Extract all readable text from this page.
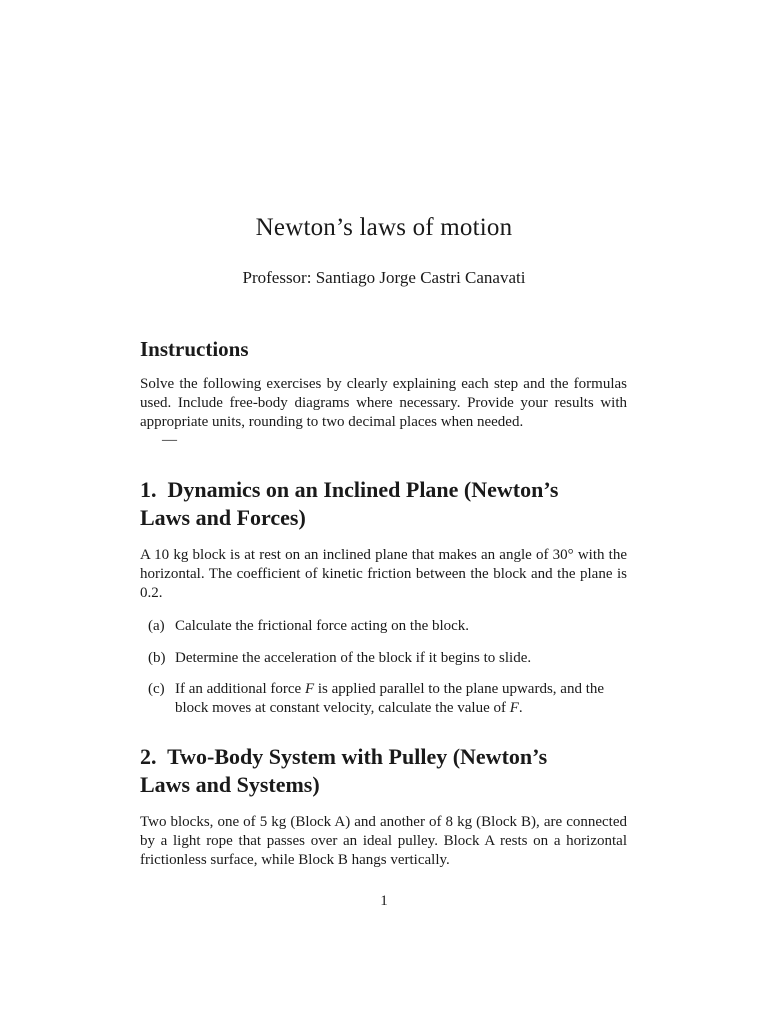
Newton’s laws of motion
Professor: Santiago Jorge Castri Canavati
Instructions

Solve the following exercises by clearly explaining each step and the formulas used. Include free-body diagrams where necessary. Provide your results with appropriate units, rounding to two decimal places when needed.

—
1.  Dynamics on an Inclined Plane (Newton’s
Laws and Forces)

A 10 kg block is at rest on an inclined plane that makes an angle of 30° with the horizontal. The coefficient of kinetic friction between the block and the plane is 0.2.

(a) Calculate the frictional force acting on the block.
(b) Determine the acceleration of the block if it begins to slide.
(c) If an additional force F is applied parallel to the plane upwards, and the block moves at constant velocity, calculate the value of F.
2.  Two-Body System with Pulley (Newton’s
Laws and Systems)

Two blocks, one of 5 kg (Block A) and another of 8 kg (Block B), are connected by a light rope that passes over an ideal pulley. Block A rests on a horizontal frictionless surface, while Block B hangs vertically.

1
